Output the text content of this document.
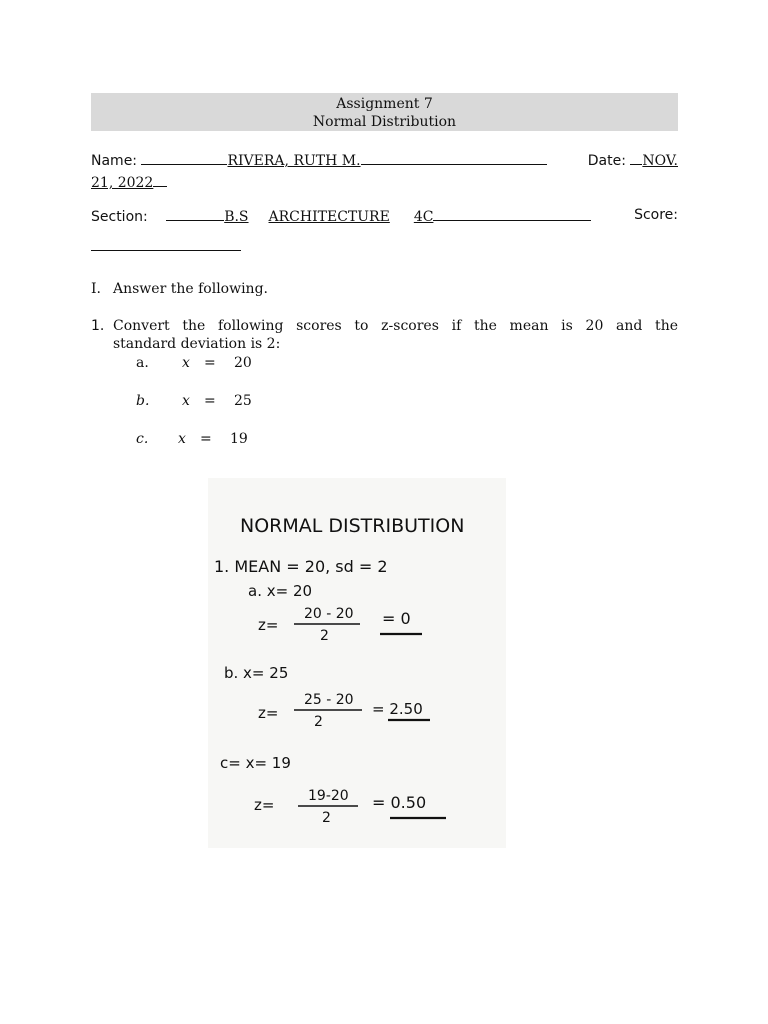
Assignment 7
Normal Distribution
Name:	RIVERA, RUTH M.	Date: NOV.
21, 2022
Section:	B.S ARCHITECTURE 4C	Score:
I. Answer the following.
1. Convert the following scores to z-scores if the mean is 20 and the
standard deviation is 2:
a. x = 20
b. x = 25
c. x = 19
NORMAL DISTRIBUTION
1. MEAN = 20, sd = 2
a. x= 20
20 - 20
2
z=	= 0
b. x= 25
25 - 20
2
z=	= 2.50
c= x= 19
19-20
2
z=	= 0.50
